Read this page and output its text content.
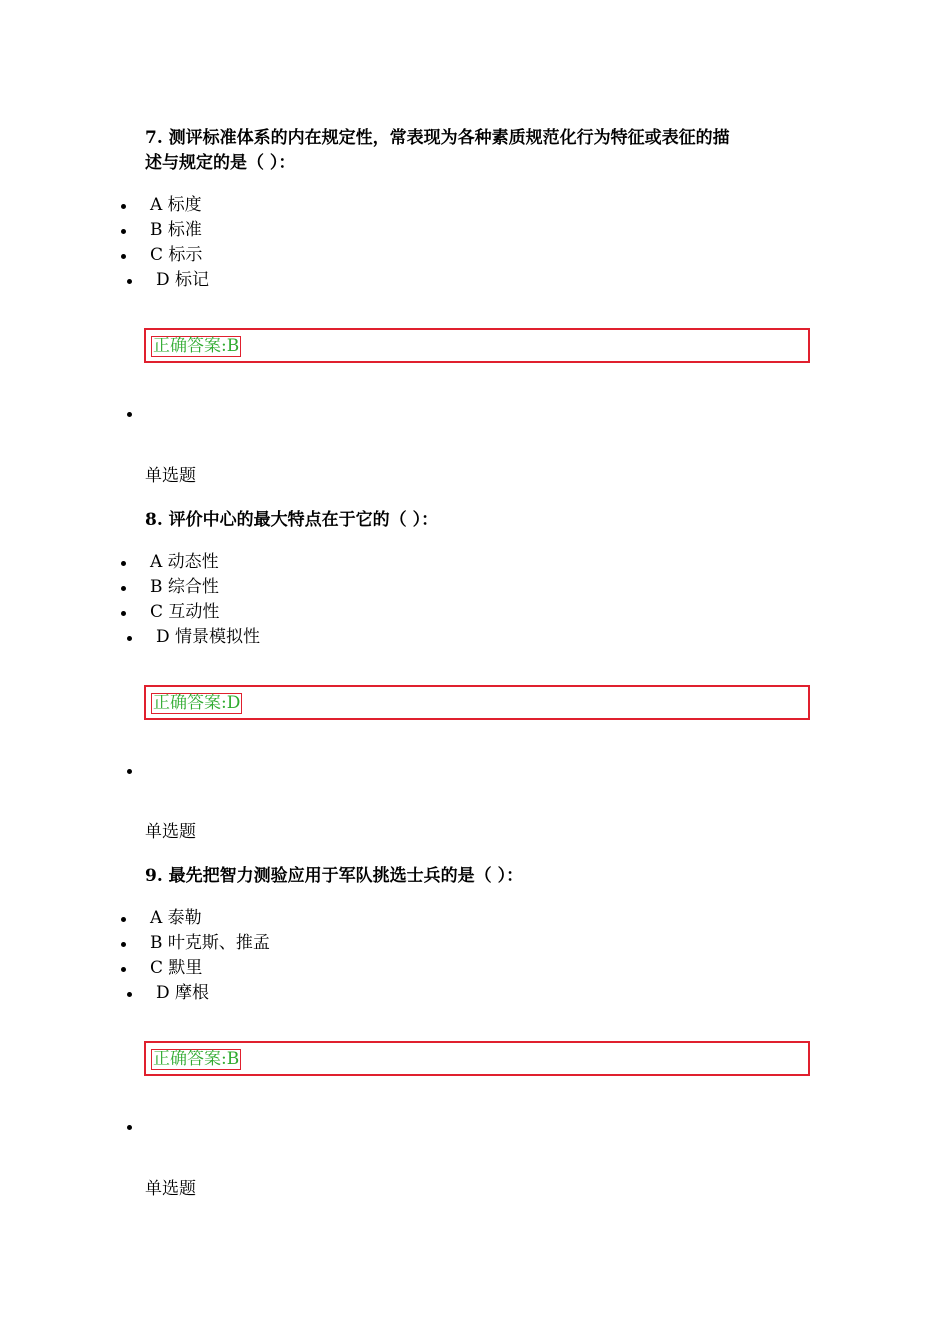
7. 测评标准体系的内在规定性，常表现为各种素质规范化行为特征或表征的描
述与规定的是（ ）：
A 标度
B 标准
C 标示
D 标记
正确答案:B
单选题
8. 评价中心的最大特点在于它的（ ）：
A 动态性
B 综合性
C 互动性
D 情景模拟性
正确答案:D
单选题
9. 最先把智力测验应用于军队挑选士兵的是（ ）：
A 泰勒
B 叶克斯、推孟
C 默里
D 摩根
正确答案:B
单选题
